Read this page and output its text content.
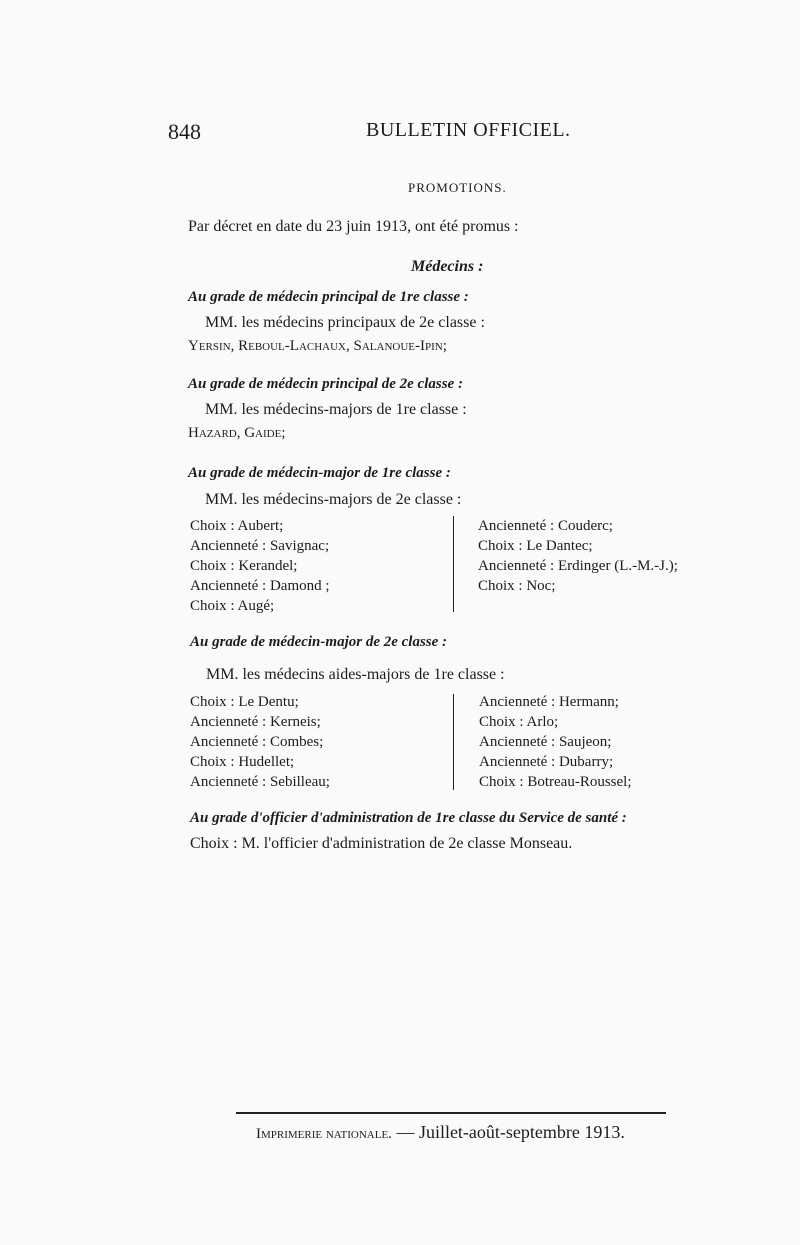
848	BULLETIN OFFICIEL.
PROMOTIONS.
Par décret en date du 23 juin 1913, ont été promus :
Médecins :
Au grade de médecin principal de 1re classe :
MM. les médecins principaux de 2e classe :
Yersin, Reboul-Lachaux, Salanoue-Ipin;
Au grade de médecin principal de 2e classe :
MM. les médecins-majors de 1re classe :
Hazard, Gaide;
Au grade de médecin-major de 1re classe :
MM. les médecins-majors de 2e classe :
Choix : Aubert;
Ancienneté : Savignac;
Choix : Kerandel;
Ancienneté : Damond ;
Choix : Augé;
Ancienneté : Couderc;
Choix : Le Dantec;
Ancienneté : Erdinger (L.-M.-J.);
Choix : Noc;
Au grade de médecin-major de 2e classe :
MM. les médecins aides-majors de 1re classe :
Choix : Le Dentu;
Ancienneté : Kerneis;
Ancienneté : Combes;
Choix : Hudellet;
Ancienneté : Sebilleau;
Ancienneté : Hermann;
Choix : Arlo;
Ancienneté : Saujeon;
Ancienneté : Dubarry;
Choix : Botreau-Roussel;
Au grade d'officier d'administration de 1re classe du Service de santé :
Choix : M. l'officier d'administration de 2e classe Monseau.
Imprimerie nationale. — Juillet-août-septembre 1913.
